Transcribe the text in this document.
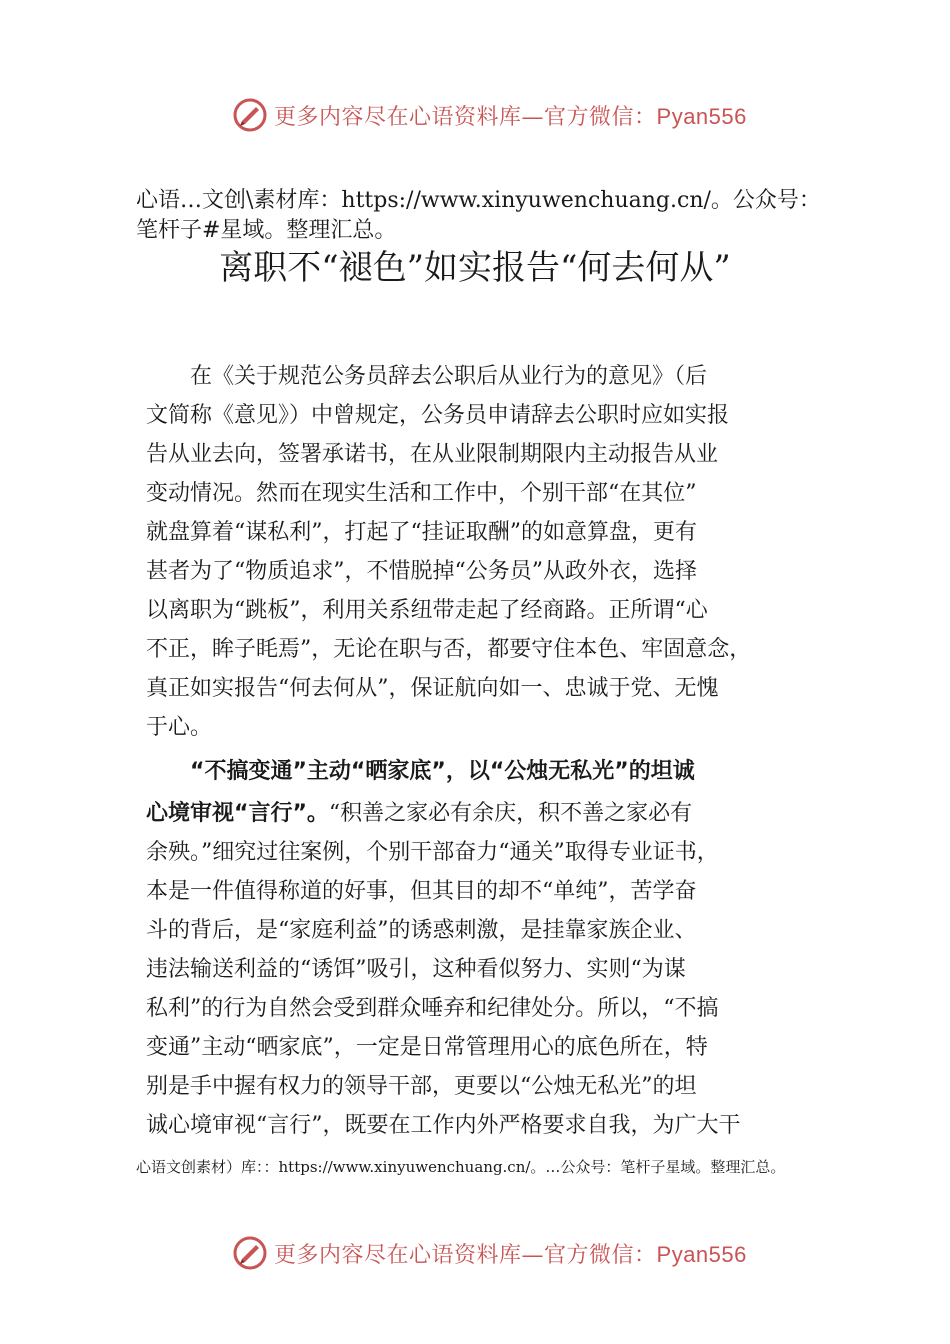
更多内容尽在心语资料库—官方微信：Pyan556
心语…文创\素材库：https://www.xinyuwenchuang.cn/。公众号：笔杆子#星域。整理汇总。
离职不“褪色”如实报告“何去何从”
　　在《关于规范公务员辞去公职后从业行为的意见》（后
文简称《意见》）中曾规定，公务员申请辞去公职时应如实报
告从业去向，签署承诺书，在从业限制期限内主动报告从业
变动情况。然而在现实生活和工作中，个别干部“在其位”
就盘算着“谋私利”，打起了“挂证取酬”的如意算盘，更有
甚者为了“物质追求”，不惜脱掉“公务员”从政外衣，选择
以离职为“跳板”，利用关系纽带走起了经商路。正所谓“心
不正，眸子眊焉”，无论在职与否，都要守住本色、牢固意念，
真正如实报告“何去何从”，保证航向如一、忠诚于党、无愧
于心。
　　“不搞变通”主动“晒家底”，以“公烛无私光”的坦诚
心境审视“言行”。“积善之家必有余庆，积不善之家必有
余殃。”细究过往案例，个别干部奋力“通关”取得专业证书，
本是一件值得称道的好事，但其目的却不“单纯”，苦学奋
斗的背后，是“家庭利益”的诱惑刺激，是挂靠家族企业、
违法输送利益的“诱饵”吸引，这种看似努力、实则“为谋
私利”的行为自然会受到群众唾弃和纪律处分。所以，“不搞
变通”主动“晒家底”，一定是日常管理用心的底色所在，特
别是手中握有权力的领导干部，更要以“公烛无私光”的坦
诚心境审视“言行”，既要在工作内外严格要求自我，为广大干
心语文创素材）库：：https://www.xinyuwenchuang.cn/。…公众号：笔杆子星域。整理汇总。
更多内容尽在心语资料库—官方微信：Pyan556
